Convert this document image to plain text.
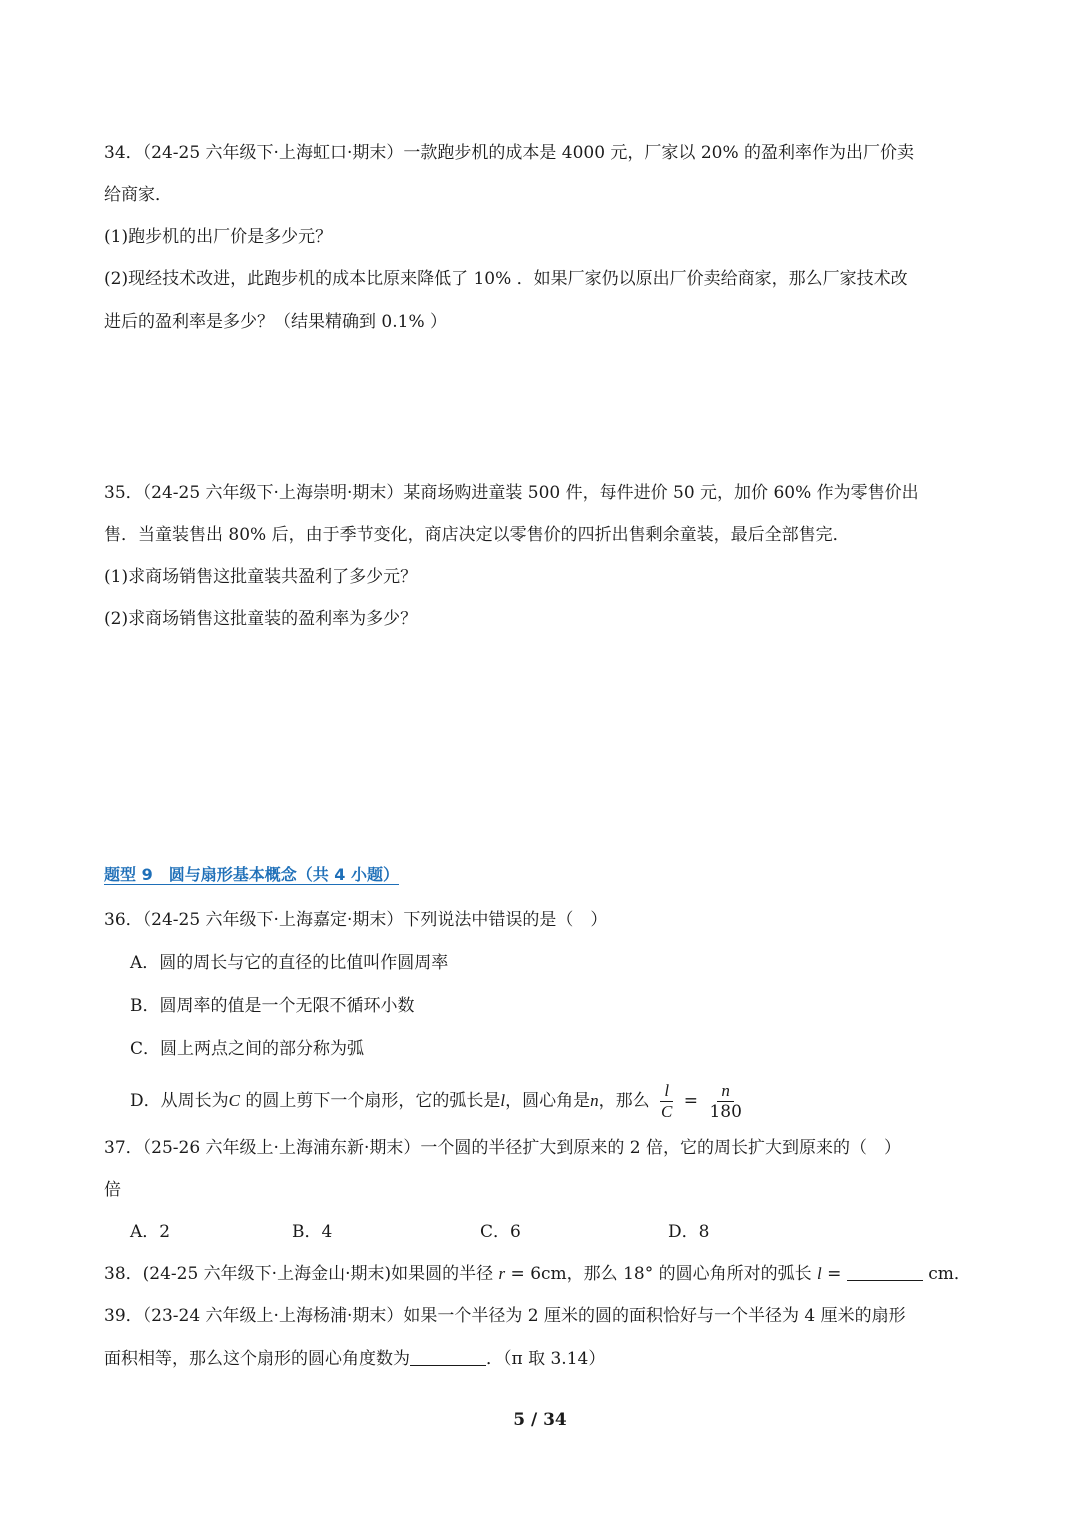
34．（24-25 六年级下·上海虹口·期末）一款跑步机的成本是 4000 元，厂家以 20% 的盈利率作为出厂价卖
给商家．
(1)跑步机的出厂价是多少元？
(2)现经技术改进，此跑步机的成本比原来降低了 10% ．如果厂家仍以原出厂价卖给商家，那么厂家技术改
进后的盈利率是多少？（结果精确到 0.1% ）
35．（24-25 六年级下·上海崇明·期末）某商场购进童装 500 件，每件进价 50 元，加价 60% 作为零售价出
售．当童装售出 80% 后，由于季节变化，商店决定以零售价的四折出售剩余童装，最后全部售完．
(1)求商场销售这批童装共盈利了多少元？
(2)求商场销售这批童装的盈利率为多少？
题型 9　圆与扇形基本概念（共 4 小题）
36．（24-25 六年级下·上海嘉定·期末）下列说法中错误的是（　）
A．圆的周长与它的直径的比值叫作圆周率
B．圆周率的值是一个无限不循环小数
C．圆上两点之间的部分称为弧
D．从周长为C 的圆上剪下一个扇形，它的弧长是l，圆心角是n，那么 $\frac{l}{C} = \frac{n}{180}$
37．（25-26 六年级上·上海浦东新·期末）一个圆的半径扩大到原来的 2 倍，它的周长扩大到原来的（　）
倍
A．2	B．4	C．6	D．8
38．(24-25 六年级下·上海金山·期末)如果圆的半径 r = 6cm，那么 18° 的圆心角所对的弧长 l =	cm．
39．（23-24 六年级上·上海杨浦·期末）如果一个半径为 2 厘米的圆的面积恰好与一个半径为 4 厘米的扇形
面积相等，那么这个扇形的圆心角度数为	．（π 取 3.14）
5 / 34
